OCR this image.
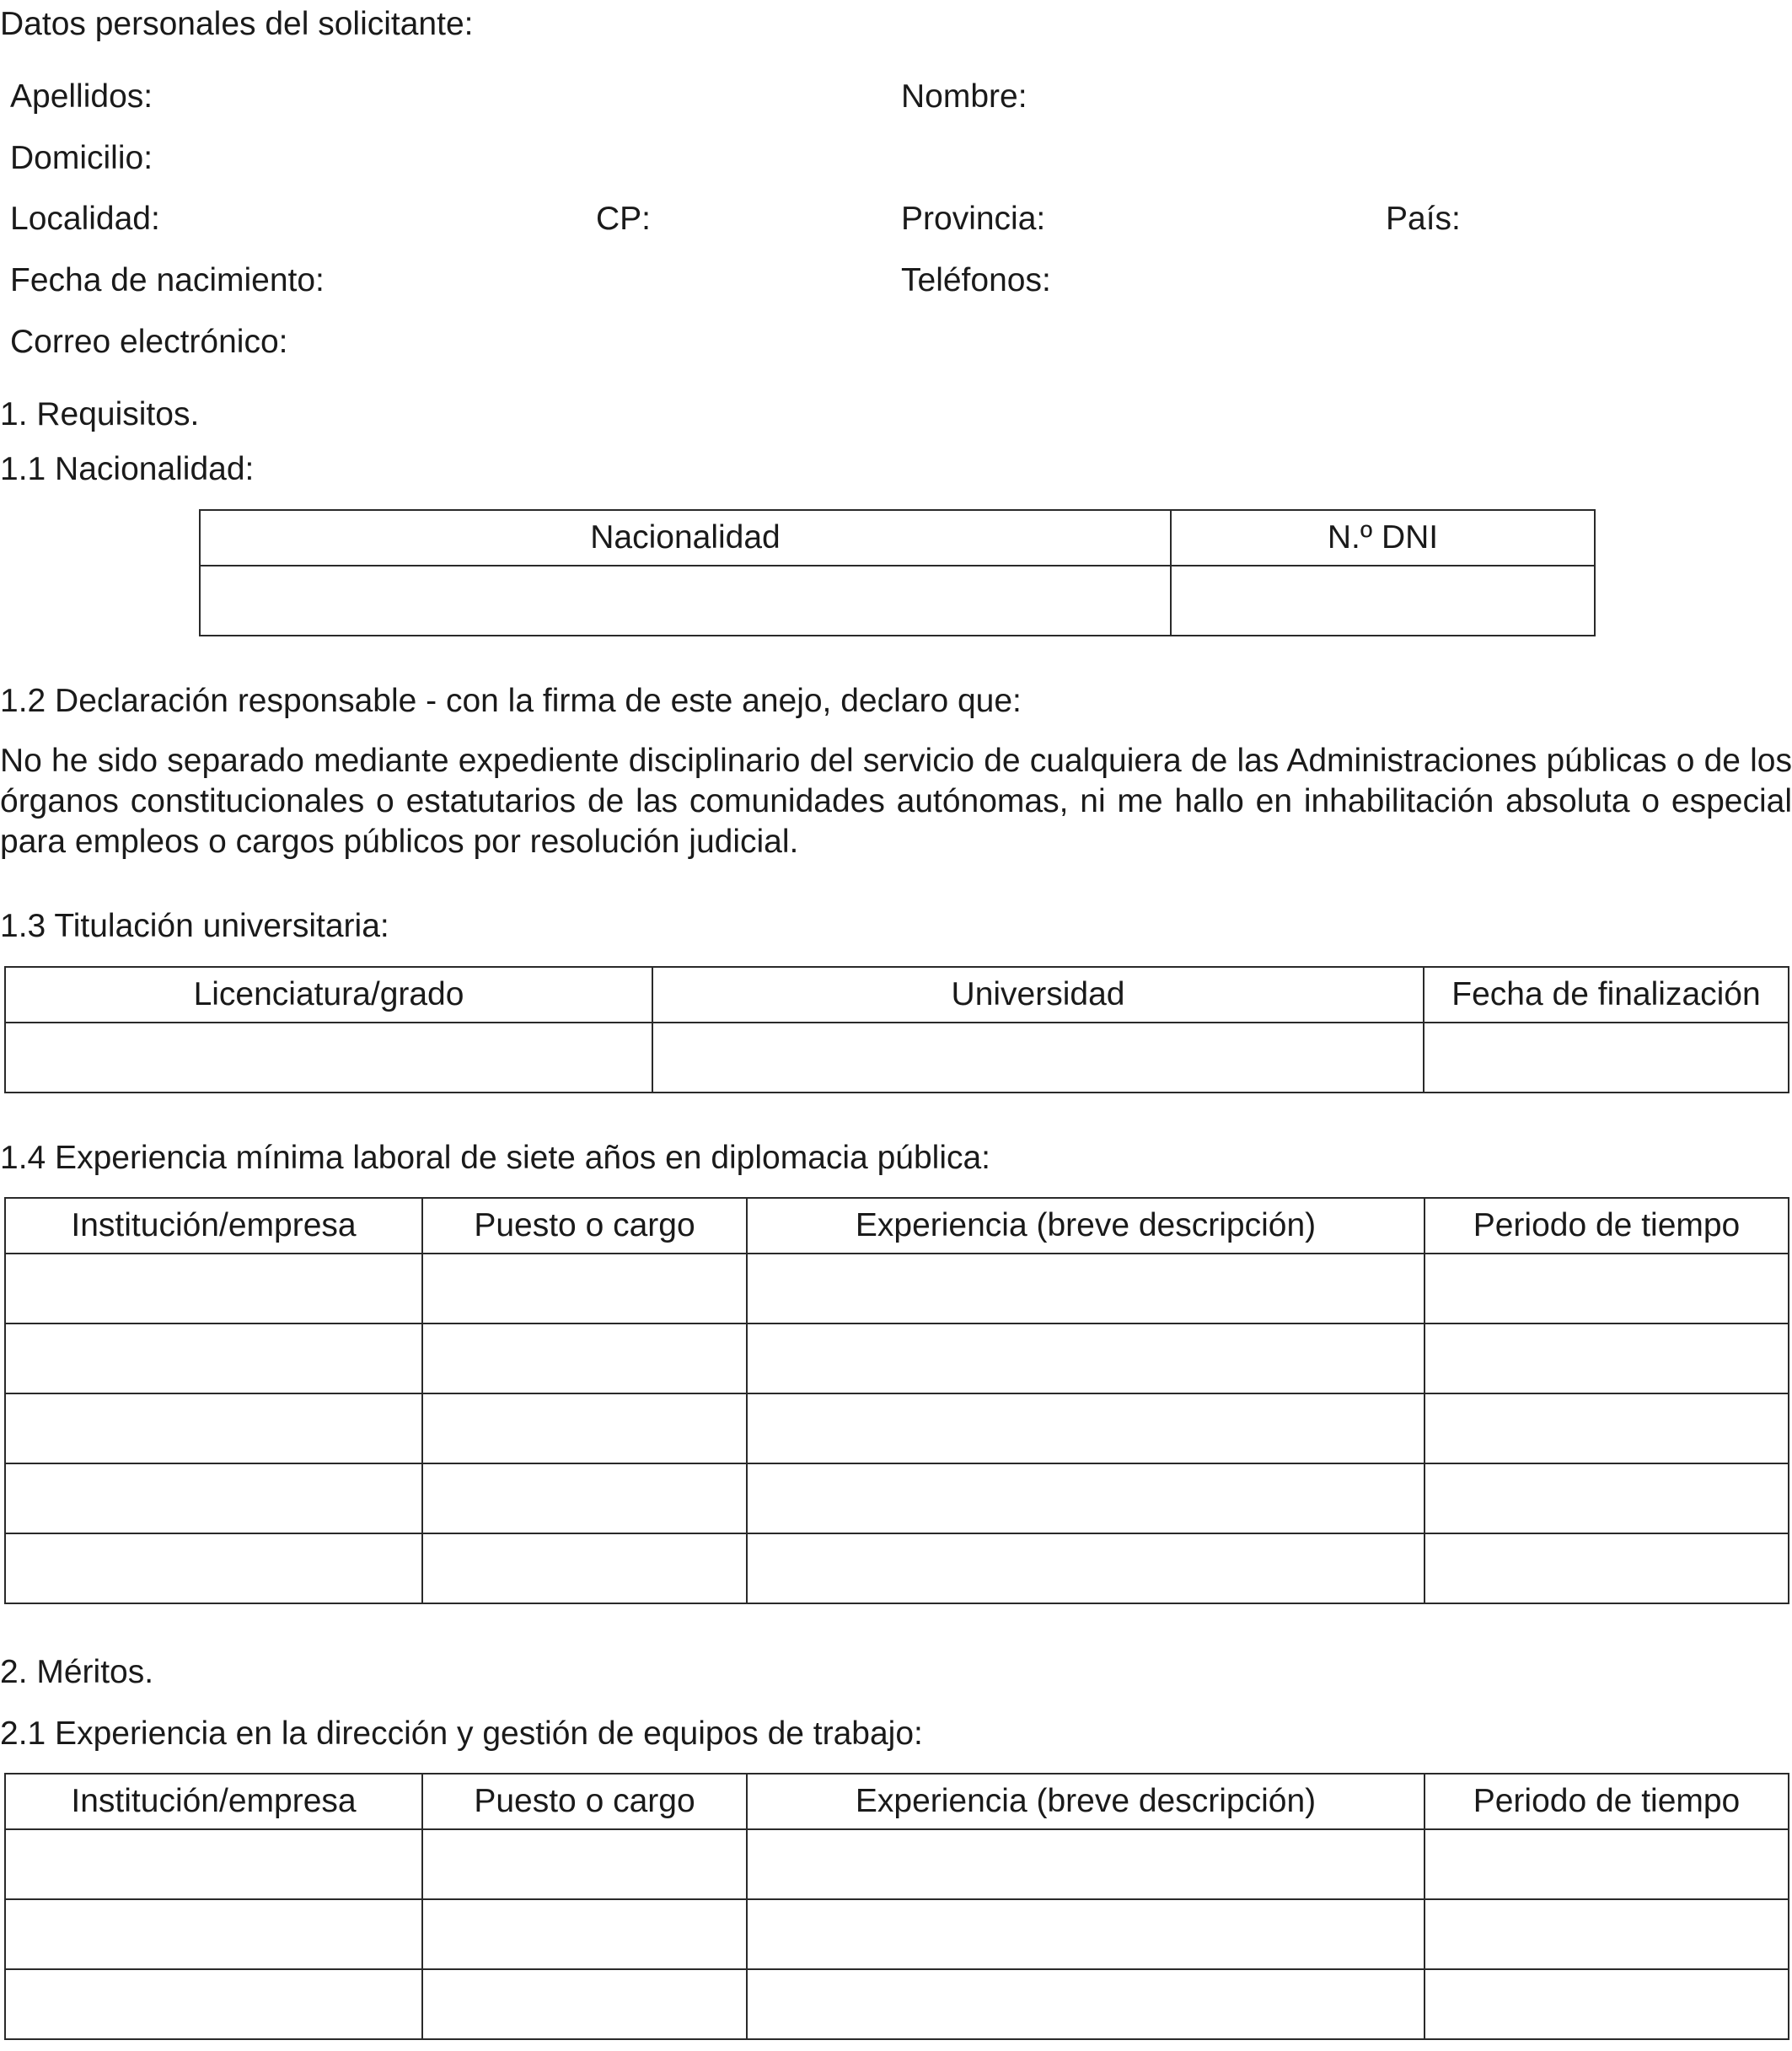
Datos personales del solicitante:
Apellidos:	Nombre:
Domicilio:
Localidad:	CP:	Provincia:	País:
Fecha de nacimiento:	Teléfonos:
Correo electrónico:
1. Requisitos.
1.1 Nacionalidad:
Nacionalidad	N.º DNI

1.2 Declaración responsable - con la firma de este anejo, declaro que:
No he sido separado mediante expediente disciplinario del servicio de cualquiera de las Administraciones públicas o de los órganos constitucionales o estatutarios de las comunidades autónomas, ni me hallo en inhabilitación absoluta o especial para empleos o cargos públicos por resolución judicial.
1.3 Titulación universitaria:
Licenciatura/grado	Universidad	Fecha de finalización

1.4 Experiencia mínima laboral de siete años en diplomacia pública:
Institución/empresa	Puesto o cargo	Experiencia (breve descripción)	Periodo de tiempo

2. Méritos.
2.1 Experiencia en la dirección y gestión de equipos de trabajo:
Institución/empresa	Puesto o cargo	Experiencia (breve descripción)	Periodo de tiempo
